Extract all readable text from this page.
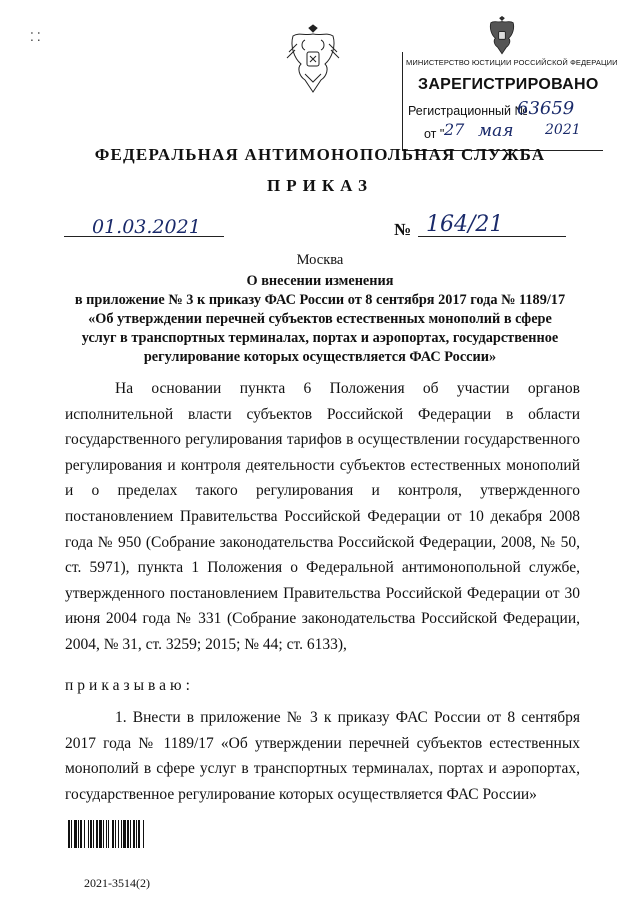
⁚ ⁚
МИНИСТЕРСТВО ЮСТИЦИИ РОССИЙСКОЙ ФЕДЕРАЦИИ
ЗАРЕГИСТРИРОВАНО
Регистрационный №
63659
от " 27 мая 2021
ФЕДЕРАЛЬНАЯ АНТИМОНОПОЛЬНАЯ СЛУЖБА
ПРИКАЗ
01.03.2021	№ 164/21
Москва
О внесении изменения
в приложение № 3 к приказу ФАС России от 8 сентября 2017 года № 1189/17
«Об утверждении перечней субъектов естественных монополий в сфере
услуг в транспортных терминалах, портах и аэропортах, государственное
регулирование которых осуществляется ФАС России»

На основании пункта 6 Положения об участии органов исполнительной власти субъектов Российской Федерации в области государственного регулирования тарифов в осуществлении государственного регулирования и контроля деятельности субъектов естественных монополий и о пределах такого регулирования и контроля, утвержденного постановлением Правительства Российской Федерации от 10 декабря 2008 года № 950 (Собрание законодательства Российской Федерации, 2008, № 50, ст. 5971), пункта 1 Положения о Федеральной антимонопольной службе, утвержденного постановлением Правительства Российской Федерации от 30 июня 2004 года № 331 (Собрание законодательства Российской Федерации, 2004, № 31, ст. 3259; 2015; № 44; ст. 6133),

приказываю:

1. Внести в приложение № 3 к приказу ФАС России от 8 сентября 2017 года № 1189/17 «Об утверждении перечней субъектов естественных монополий в сфере услуг в транспортных терминалах, портах и аэропортах, государственное регулирование которых осуществляется ФАС России»

2021-3514(2)
